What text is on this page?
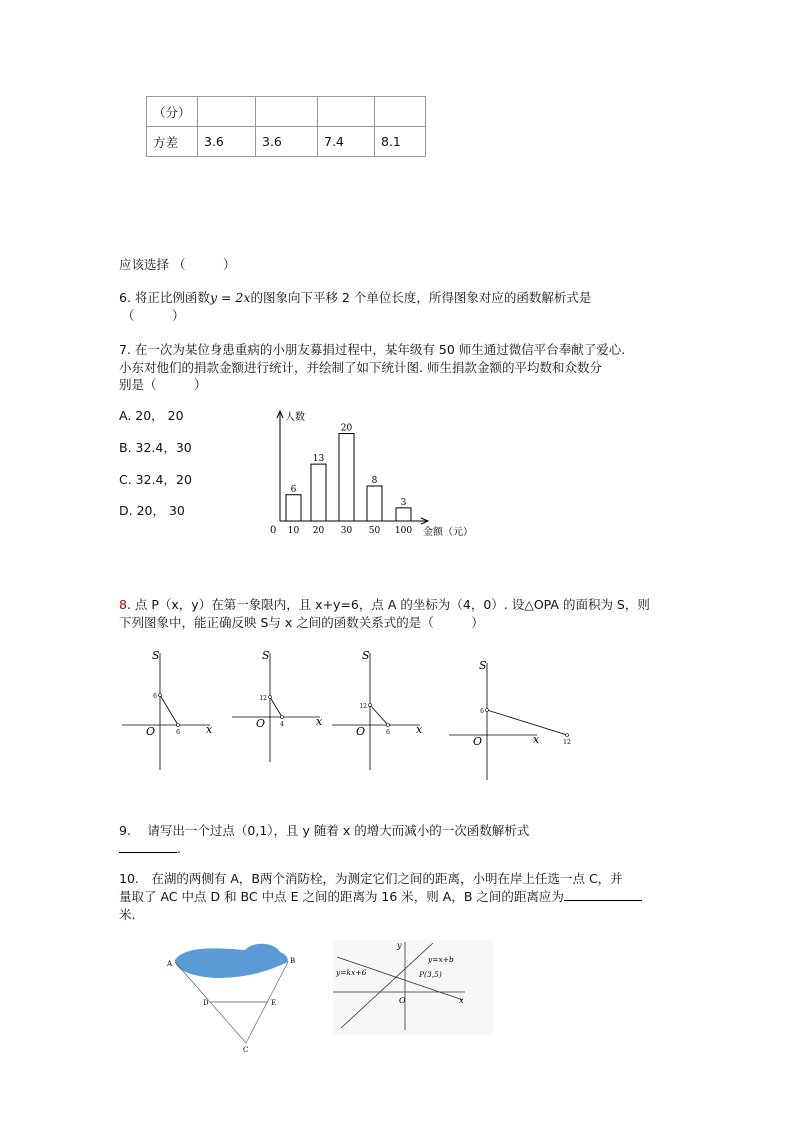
（分）				
方差	3.6	3.6	7.4	8.1
应该选择 （　　　）
6. 将正比例函数y = 2x的图象向下平移 2 个单位长度，所得图象对应的函数解析式是
（　　　）
7. 在一次为某位身患重病的小朋友募捐过程中，某年级有 50 师生通过微信平台奉献了爱心.
小东对他们的捐款金额进行统计，并绘制了如下统计图. 师生捐款金额的平均数和众数分
别是（　　　）
A. 20， 20
B. 32.4，30
C. 32.4，20
D. 20， 30
人数
金额（元）
0
6
10
13
20
20
30
8
50
3
100
8. 点 P（x，y）在第一象限内，且 x+y=6，点 A 的坐标为（4，0）. 设△OPA 的面积为 S，则
下列图象中，能正确反映 S与 x 之间的函数关系式的是（　　　）
S
O	x
6
6
S
O	x
12
4
S
O	x
12
6
S
O	x
6
12
9.　 请写出一个过点（0,1），且 y 随着 x 的增大而减小的一次函数解析式
.
10.　在湖的两侧有 A，B两个消防栓，为测定它们之间的距离，小明在岸上任选一点 C，并
量取了 AC 中点 D 和 BC 中点 E 之间的距离为 16 米，则 A，B 之间的距离应为
米.
A	B
C
D	E
y
x
O
y=x+b
y=kx+6	P(3,5)
